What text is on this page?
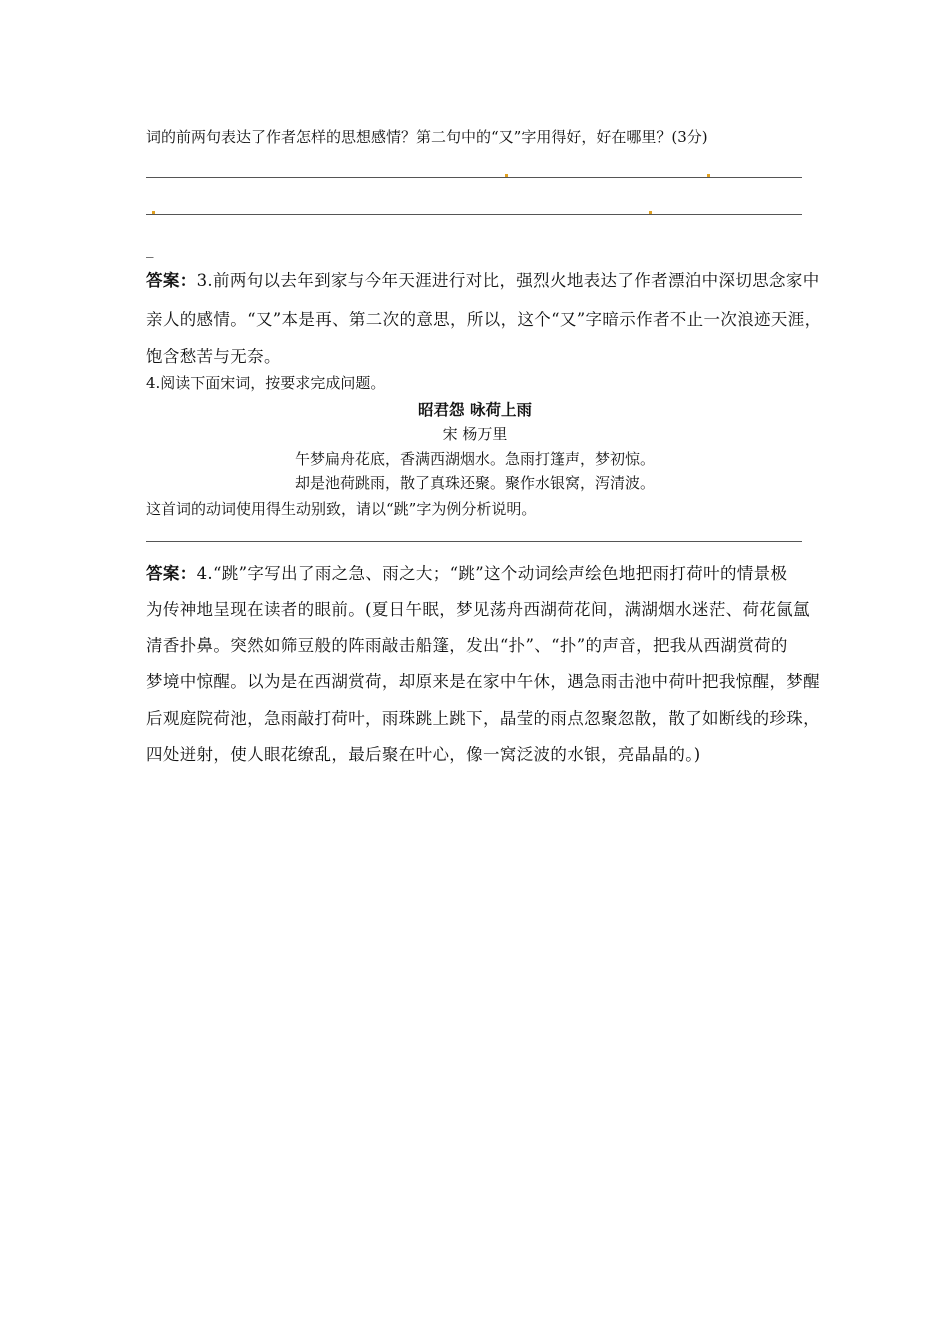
词的前两句表达了作者怎样的思想感情？第二句中的“又”字用得好，好在哪里？(3分)
_
答案：3.前两句以去年到家与今年天涯进行对比，强烈火地表达了作者漂泊中深切思念家中
亲人的感情。“又”本是再、第二次的意思，所以，这个“又”字暗示作者不止一次浪迹天涯，
饱含愁苦与无奈。
4.阅读下面宋词，按要求完成问题。
昭君怨 咏荷上雨
宋 杨万里
午梦扁舟花底，香满西湖烟水。急雨打篷声，梦初惊。
却是池荷跳雨，散了真珠还聚。聚作水银窝，泻清波。
这首词的动词使用得生动别致，请以“跳”字为例分析说明。
答案：4.“跳”字写出了雨之急、雨之大；“跳”这个动词绘声绘色地把雨打荷叶的情景极
为传神地呈现在读者的眼前。(夏日午眠，梦见荡舟西湖荷花间，满湖烟水迷茫、荷花氤氲
清香扑鼻。突然如筛豆般的阵雨敲击船篷，发出“扑”、“扑”的声音，把我从西湖赏荷的
梦境中惊醒。以为是在西湖赏荷，却原来是在家中午休，遇急雨击池中荷叶把我惊醒，梦醒
后观庭院荷池，急雨敲打荷叶，雨珠跳上跳下，晶莹的雨点忽聚忽散，散了如断线的珍珠，
四处迸射，使人眼花缭乱，最后聚在叶心，像一窝泛波的水银，亮晶晶的。)
